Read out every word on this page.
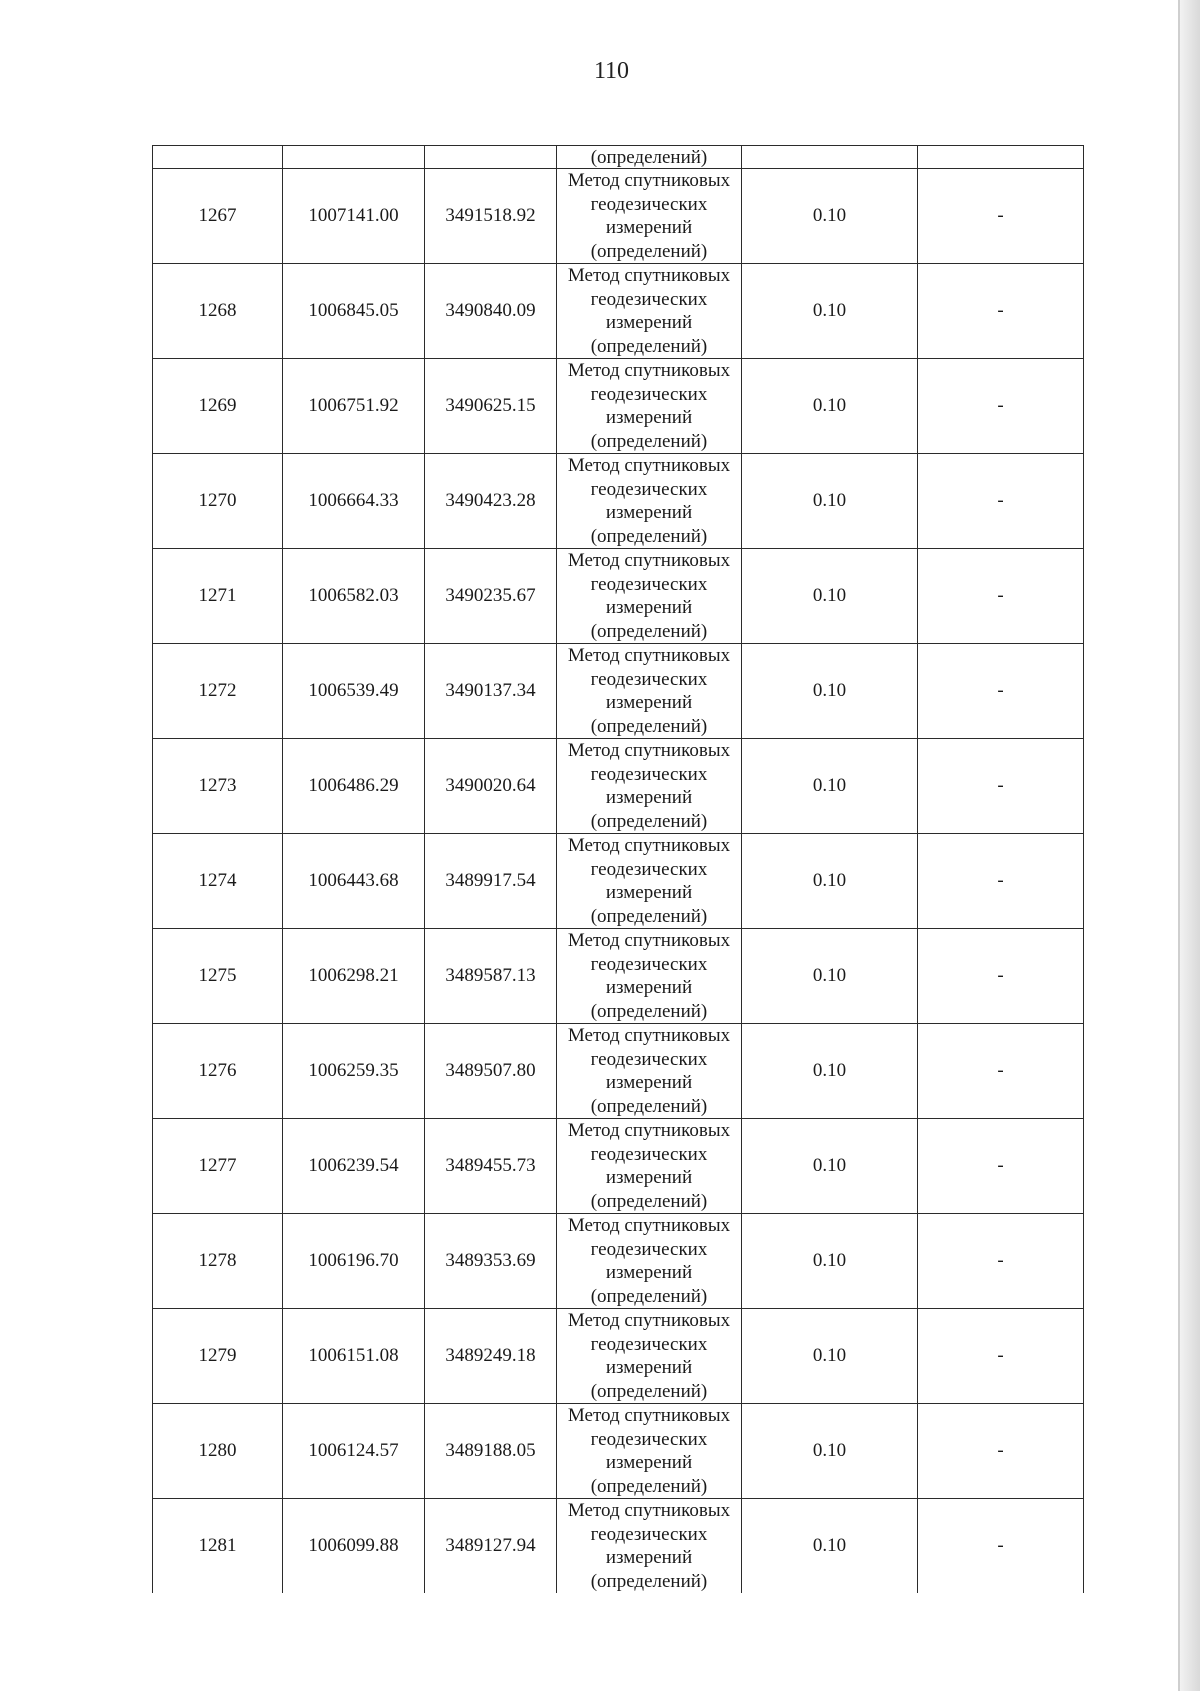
110
			(определений)		
1267	1007141.00	3491518.92	Метод спутниковых
геодезических
измерений
(определений)	0.10	-
1268	1006845.05	3490840.09	Метод спутниковых
геодезических
измерений
(определений)	0.10	-
1269	1006751.92	3490625.15	Метод спутниковых
геодезических
измерений
(определений)	0.10	-
1270	1006664.33	3490423.28	Метод спутниковых
геодезических
измерений
(определений)	0.10	-
1271	1006582.03	3490235.67	Метод спутниковых
геодезических
измерений
(определений)	0.10	-
1272	1006539.49	3490137.34	Метод спутниковых
геодезических
измерений
(определений)	0.10	-
1273	1006486.29	3490020.64	Метод спутниковых
геодезических
измерений
(определений)	0.10	-
1274	1006443.68	3489917.54	Метод спутниковых
геодезических
измерений
(определений)	0.10	-
1275	1006298.21	3489587.13	Метод спутниковых
геодезических
измерений
(определений)	0.10	-
1276	1006259.35	3489507.80	Метод спутниковых
геодезических
измерений
(определений)	0.10	-
1277	1006239.54	3489455.73	Метод спутниковых
геодезических
измерений
(определений)	0.10	-
1278	1006196.70	3489353.69	Метод спутниковых
геодезических
измерений
(определений)	0.10	-
1279	1006151.08	3489249.18	Метод спутниковых
геодезических
измерений
(определений)	0.10	-
1280	1006124.57	3489188.05	Метод спутниковых
геодезических
измерений
(определений)	0.10	-
1281	1006099.88	3489127.94	Метод спутниковых
геодезических
измерений
(определений)	0.10	-
